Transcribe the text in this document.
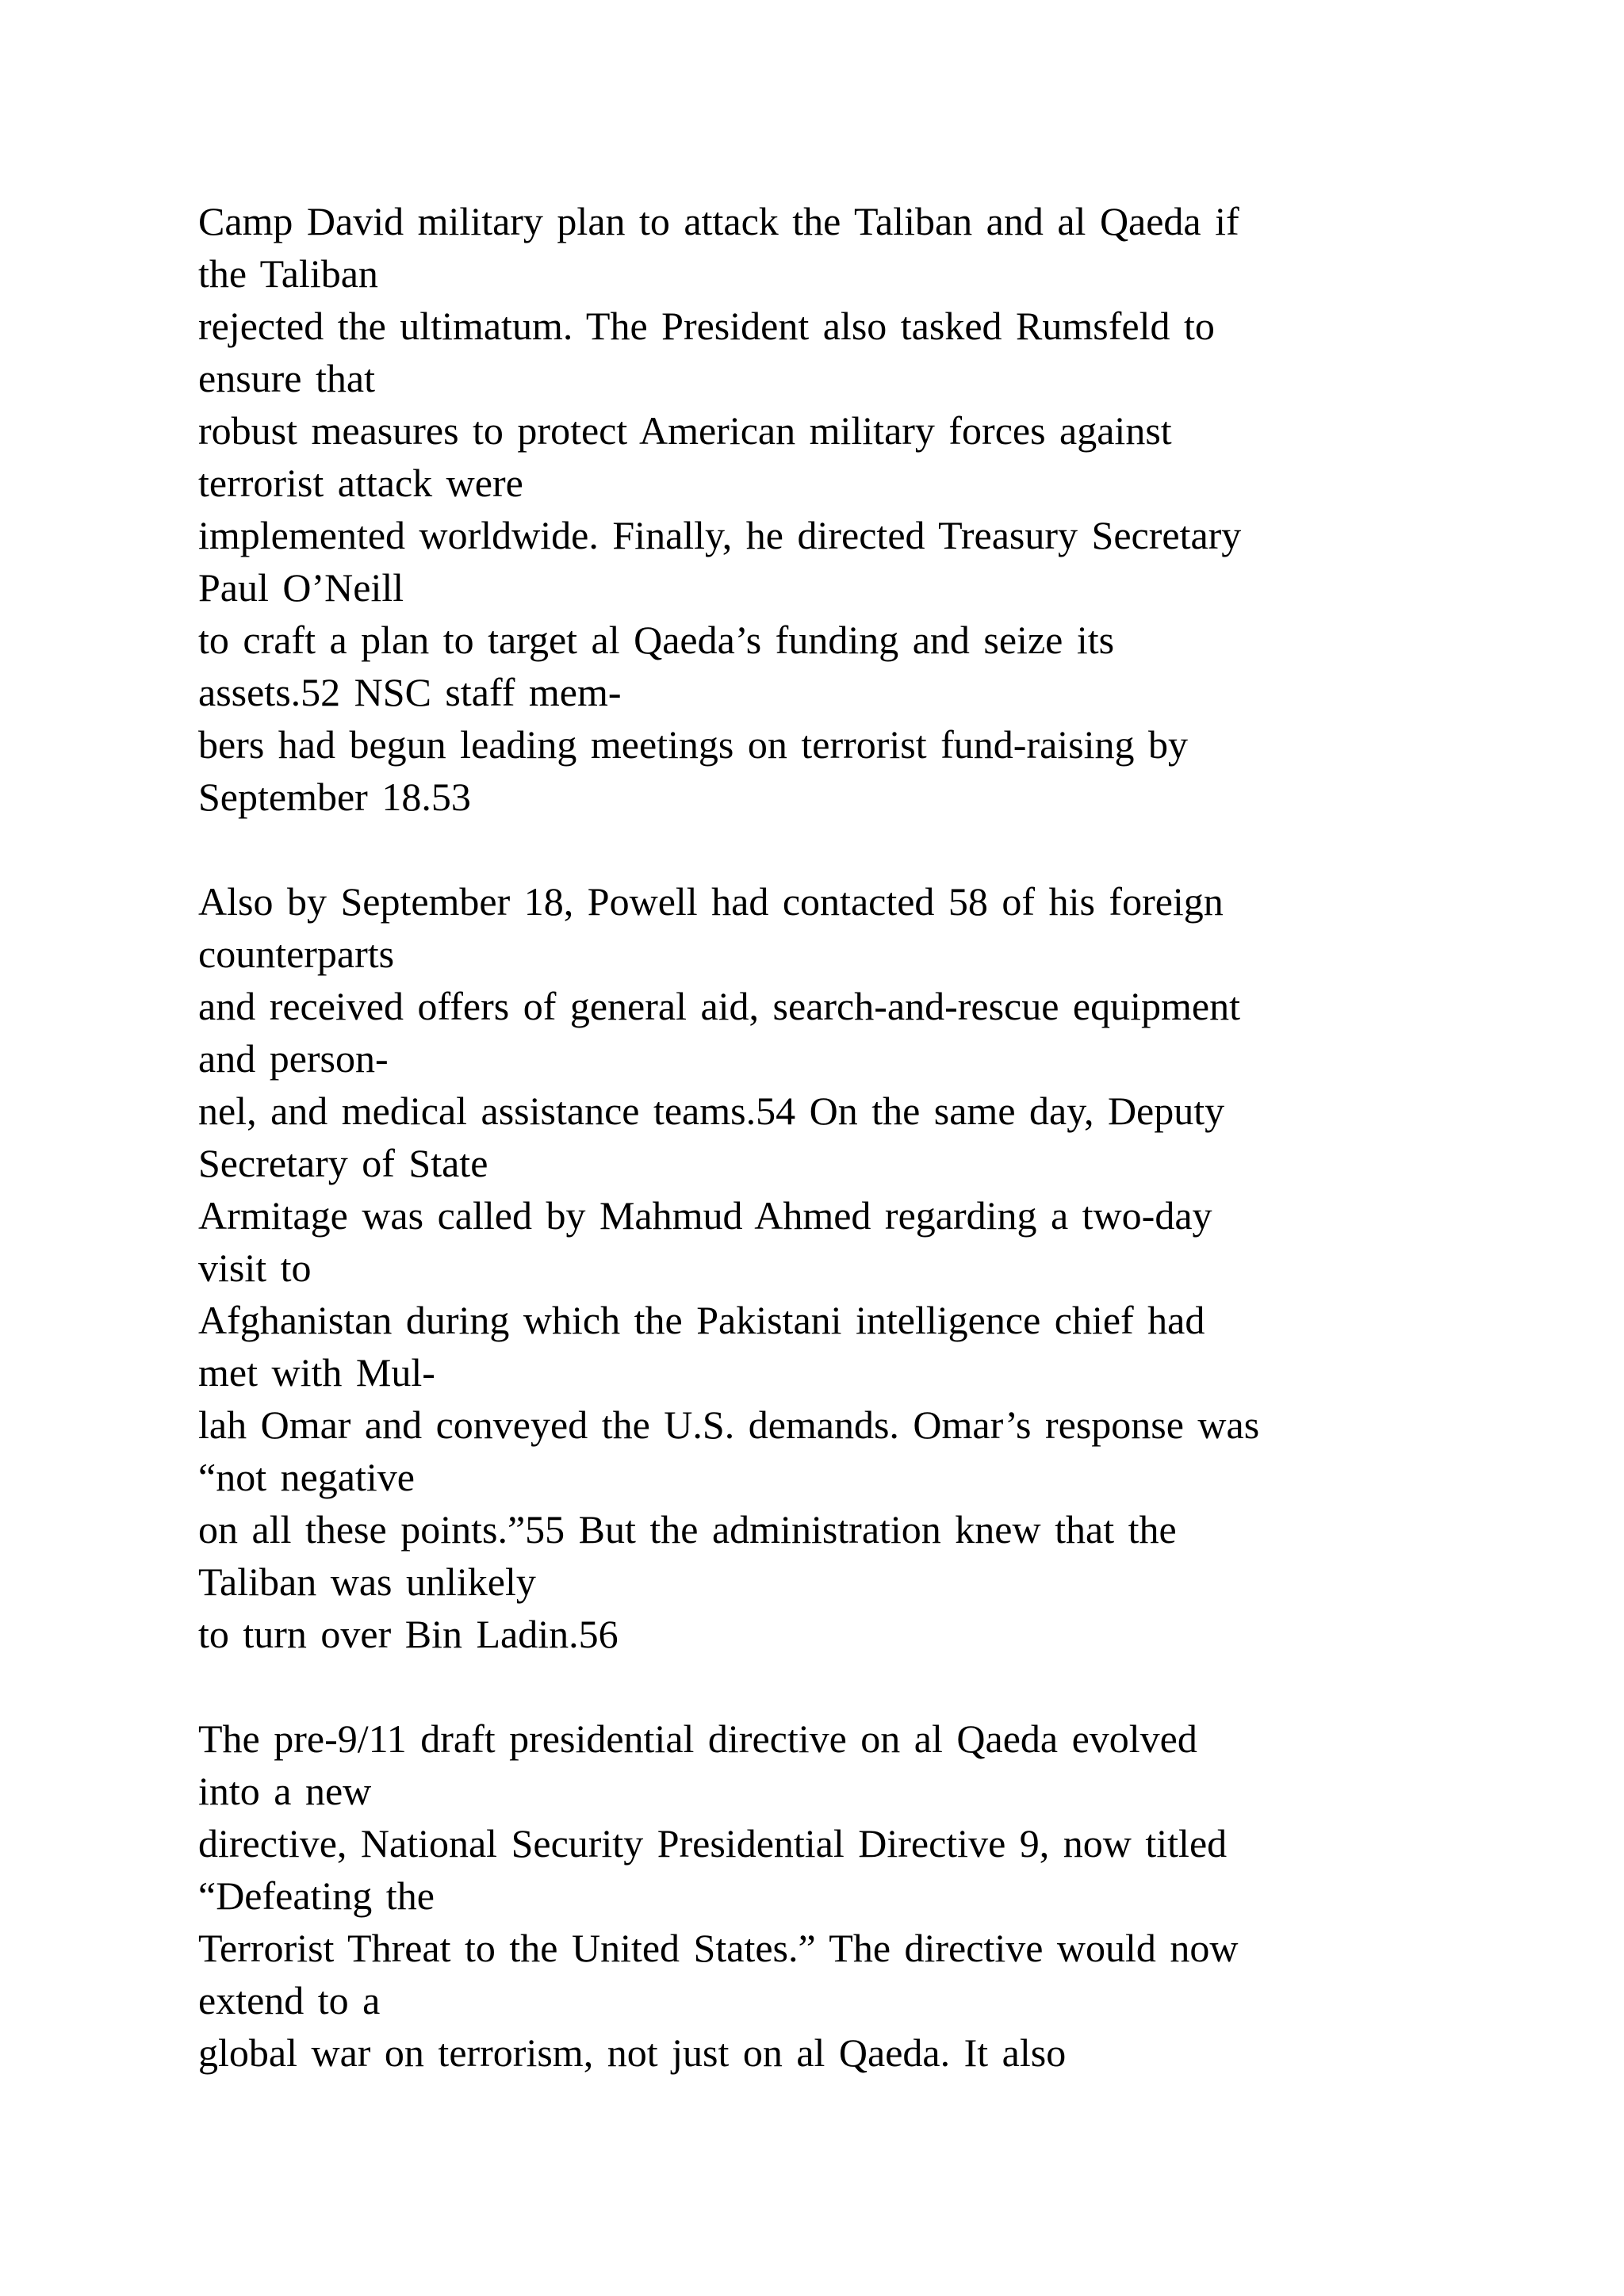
Camp David military plan to attack the Taliban and al Qaeda if
the Taliban
rejected the ultimatum. The President also tasked Rumsfeld to
ensure that
robust measures to protect American military forces against
terrorist attack were
implemented worldwide. Finally, he directed Treasury Secretary
Paul O’Neill
to craft a plan to target al Qaeda’s funding and seize its
assets.52 NSC staff mem-
bers had begun leading meetings on terrorist fund-raising by
September 18.53
Also by September 18, Powell had contacted 58 of his foreign
counterparts
and received offers of general aid, search-and-rescue equipment
and person-
nel, and medical assistance teams.54 On the same day, Deputy
Secretary of State
Armitage was called by Mahmud Ahmed regarding a two-day
visit to
Afghanistan during which the Pakistani intelligence chief had
met with Mul-
lah Omar and conveyed the U.S. demands. Omar’s response was
“not negative
on all these points.”55 But the administration knew that the
Taliban was unlikely
to turn over Bin Ladin.56
The pre-9/11 draft presidential directive on al Qaeda evolved
into a new
directive, National Security Presidential Directive 9, now titled
“Defeating the
Terrorist Threat to the United States.” The directive would now
extend to a
global war on terrorism, not just on al Qaeda. It also
